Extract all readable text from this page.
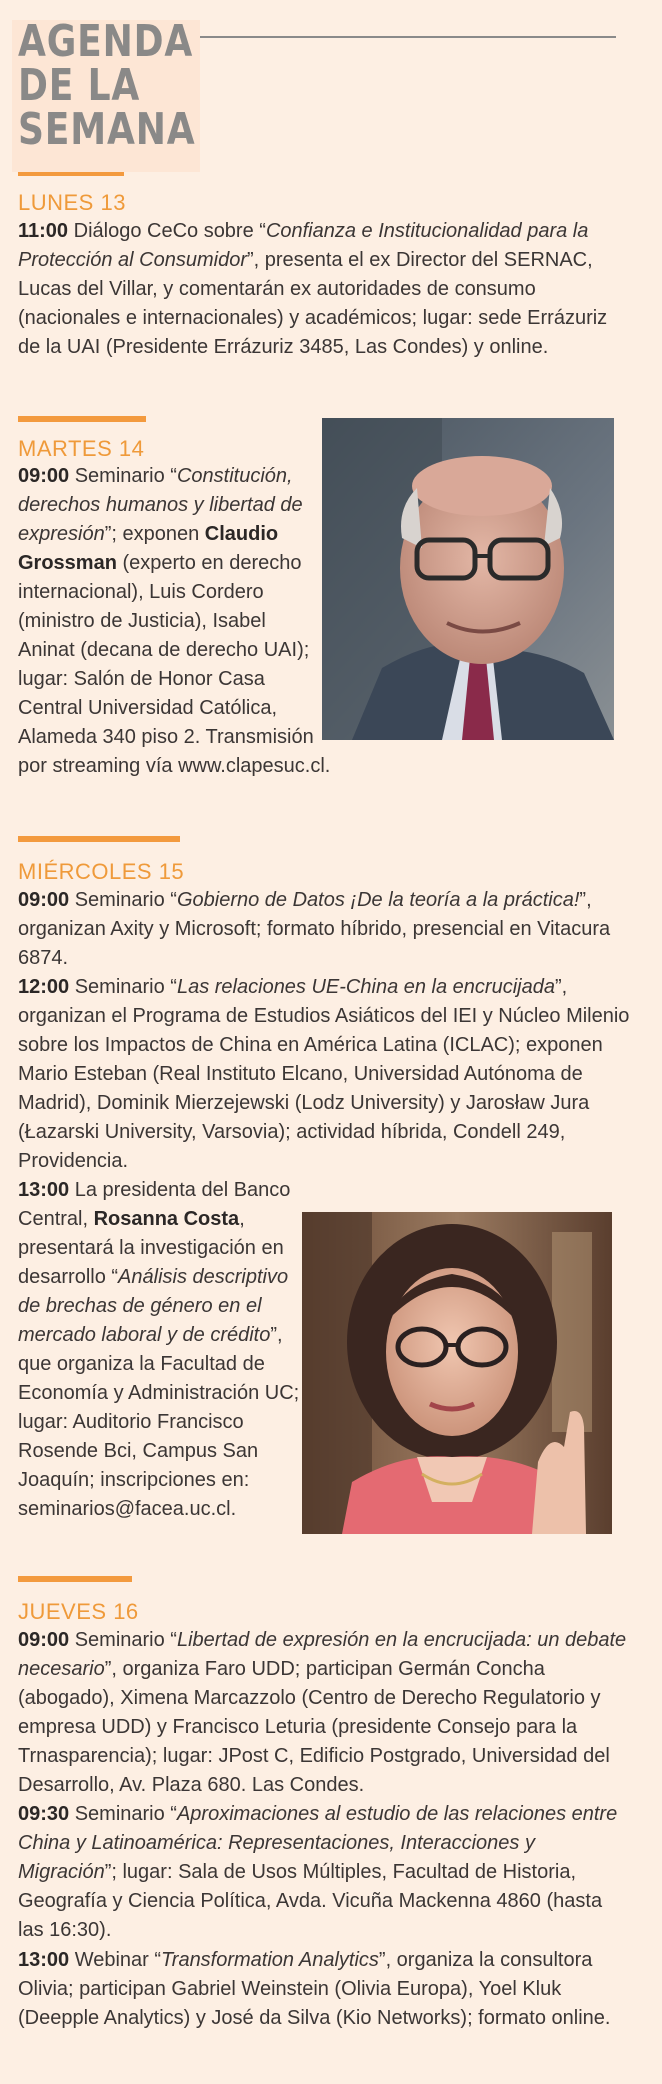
AGENDA
DE LA
SEMANA
LUNES 13

11:00 Diálogo CeCo sobre “Confianza e Institucionalidad para la Protección al Consumidor”, presenta el ex Director del SERNAC, Lucas del Villar, y comentarán ex autoridades de consumo (nacionales e internacionales) y académicos; lugar: sede Errázuriz de la UAI (Presidente Errázuriz 3485, Las Condes) y online.

MARTES 14

09:00 Seminario “Constitución, derechos humanos y libertad de expresión”; exponen Claudio Grossman (experto en derecho internacional), Luis Cordero (ministro de Justicia), Isabel Aninat (decana de derecho UAI); lugar: Salón de Honor Casa Central Universidad Católica, Alameda 340 piso 2. Transmisión por streaming vía www.clapesuc.cl.

MIÉRCOLES 15

09:00 Seminario “Gobierno de Datos ¡De la teoría a la práctica!”, organizan Axity y Microsoft; formato híbrido, presencial en Vitacura 6874.

12:00 Seminario “Las relaciones UE-China en la encrucijada”, organizan el Programa de Estudios Asiáticos del IEI y Núcleo Milenio sobre los Impactos de China en América Latina (ICLAC); exponen Mario Esteban (Real Instituto Elcano, Universidad Autónoma de Madrid), Dominik Mierzejewski (Lodz University) y Jarosław Jura (Łazarski University, Varsovia); actividad híbrida, Condell 249, Providencia.

13:00 La presidenta del Banco Central, Rosanna Costa, presentará la investigación en desarrollo “Análisis descriptivo de brechas de género en el mercado laboral y de crédito”, que organiza la Facultad de Economía y Administración UC; lugar: Auditorio Francisco Rosende Bci, Campus San Joaquín; inscripciones en: seminarios@facea.uc.cl.

JUEVES 16

09:00 Seminario “Libertad de expresión en la encrucijada: un debate necesario”, organiza Faro UDD; participan Germán Concha (abogado), Ximena Marcazzolo (Centro de Derecho Regulatorio y empresa UDD) y Francisco Leturia (presidente Consejo para la Trnasparencia); lugar: JPost C, Edificio Postgrado, Universidad del Desarrollo, Av. Plaza 680. Las Condes.

09:30 Seminario “Aproximaciones al estudio de las relaciones entre China y Latinoamérica: Representaciones, Interacciones y Migración”; lugar: Sala de Usos Múltiples, Facultad de Historia, Geografía y Ciencia Política, Avda. Vicuña Mackenna 4860 (hasta las 16:30).

13:00 Webinar “Transformation Analytics”, organiza la consultora Olivia; participan Gabriel Weinstein (Olivia Europa), Yoel Kluk (Deepple Analytics) y José da Silva (Kio Networks); formato online.
